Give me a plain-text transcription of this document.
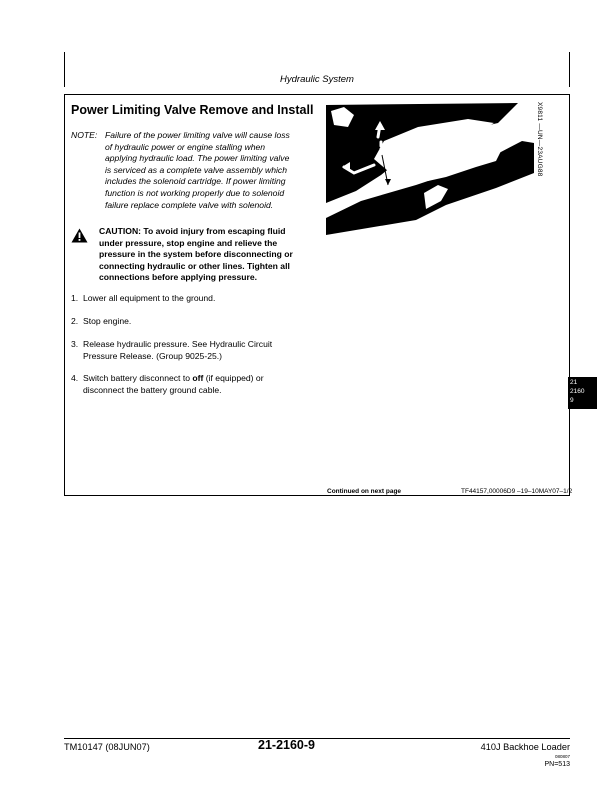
Hydraulic System
Power Limiting Valve Remove and Install
NOTE: Failure of the power limiting valve will cause loss
of hydraulic power or engine stalling when
applying hydraulic load. The power limiting valve
is serviced as a complete valve assembly which
includes the solenoid cartridge. If power limiting
function is not working properly due to solenoid
failure replace complete valve with solenoid.
CAUTION: To avoid injury from escaping fluid
under pressure, stop engine and relieve the
pressure in the system before disconnecting or
connecting hydraulic or other lines. Tighten all
connections before applying pressure.
1. Lower all equipment to the ground.
2. Stop engine.
3. Release hydraulic pressure. See Hydraulic Circuit
Pressure Release. (Group 9025-25.)
4. Switch battery disconnect to off (if equipped) or
disconnect the battery ground cable.
X9811 —UN—23AUG88
Continued on next page	TF44157,00006D9 –19–10MAY07–1/2
21
2160
9
TM10147 (08JUN07)	21-2160-9	410J Backhoe Loader
080807
PN=513
